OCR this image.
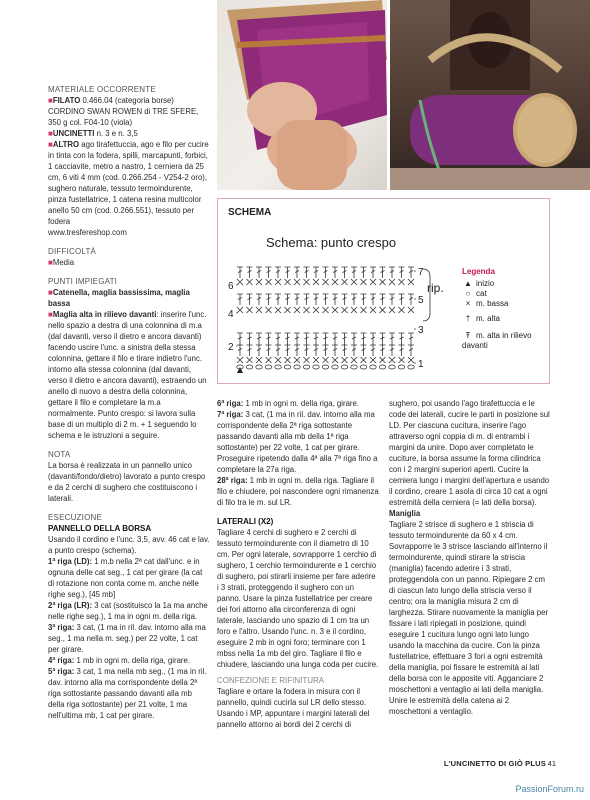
MATERIALE OCCORRENTE
■FILATO 0.466.04 (categoria borse) CORDINO SWAN ROWEN di TRE SFERE, 350 g col. F04-10 (viola)
■UNCINETTI n. 3 e n. 3,5
■ALTRO ago tirafettuccia, ago e filo per cucire in tinta con la fodera, spilli, marcapunti, forbici, 1 cacciavite, metro a nastro, 1 cerniera da 25 cm, 6 viti 4 mm (cod. 0.266.254 - V254-2 oro), sughero naturale, tessuto termoindurente, pinza fustellatrice, 1 catena resina multicolor anello 50 cm (cod. 0.266.551), tessuto per fodera
www.tresfereshop.com
DIFFICOLTÀ
■Media
PUNTI IMPIEGATI
■Catenella, maglia bassissima, maglia bassa
■Maglia alta in rilievo davanti: inserire l'unc. nello spazio a destra di una colonnina di m.a (dal davanti, verso il dietro e ancora davanti) facendo uscire l'unc. a sinistra della stessa colonnina, gettare il filo e tirare indietro l'unc. intorno alla stessa colonnina (dal davanti, verso il dietro e ancora davanti), estraendo un anello di nuovo a destra della colonnina, gettare il filo e completare la m.a normalmente. Punto crespo: si lavora sulla base di un multiplo di 2 m. + 1 seguendo lo schema e le istruzioni a seguire.
NOTA
La borsa è realizzata in un pannello unico (davanti/fondo/dietro) lavorato a punto crespo e da 2 cerchi di sughero che costituiscono i laterali.
ESECUZIONE
PANNELLO DELLA BORSA
Usando il cordino e l'unc. 3,5, avv. 46 cat e lav. a punto crespo (schema).
1ª riga (LD): 1 m.b nella 2ª cat dall'unc. e in ognuna delle cat seg., 1 cat per girare (la cat di rotazione non conta come m. anche nelle righe seg.), [45 mb]
2ª riga (LR): 3 cat (sostituisco la 1a ma anche nelle righe seg.), 1 ma in ogni m. della riga.
3ª riga: 3 cat, (1 ma in ril. dav. intorno alla ma seg., 1 ma nella m. seg.) per 22 volte, 1 cat per girare.
4ª riga: 1 mb in ogni m. della riga, girare.
5ª riga: 3 cat, 1 ma nella mb seg., (1 ma in ril. dav. intorno alla ma corrispondente della 2ª riga sottostante passando davanti alla mb della riga sottostante) per 21 volte, 1 ma nell'ultima mb, 1 cat per girare.
SCHEMA
Schema: punto crespo
1
2
3
4
5
6
7
rip.
Legenda
▲ inizio
○ cat
× m. bassa
† m. alta
Ŧ m. alta in rilievo davanti
6ª riga: 1 mb in ogni m. della riga, girare.
7ª riga: 3 cat, (1 ma in ril. dav. intorno alla ma corrispondente della 2ª riga sottostante passando davanti alla mb della 1ª riga sottostante) per 22 volte, 1 cat per girare. Proseguire ripetendo dalla 4ª alla 7ª riga fino a completare la 27a riga.
28ª riga: 1 mb in ogni m. della riga. Tagliare il filo e chiudere, poi nascondere ogni rimanenza di filo tra le m. sul LR.
LATERALI (X2)
Tagliare 4 cerchi di sughero e 2 cerchi di tessuto termoindurente con il diametro di 10 cm. Per ogni laterale, sovrapporre 1 cerchio di sughero, 1 cerchio termoindurente e 1 cerchio di sughero, poi stirarli insieme per fare aderire i 3 strati, proteggendo il sughero con un panno. Usare la pinza fustellatrice per creare dei fori attorno alla circonferenza di ogni laterale, lasciando uno spazio di 1 cm tra un foro e l'altro. Usando l'unc. n. 3 e il cordino, eseguire 2 mb in ogni foro; terminare con 1 mbss nella 1a mb del giro. Tagliare il filo e chiudere, lasciando una lunga coda per cucire.
CONFEZIONE E RIFINITURA
Tagliare e ortare la fodera in misura con il pannello, quindi cucirla sul LR dello stesso. Usando i MP, appuntare i margini laterali del pannello attorno ai bordi dei 2 cerchi di
sughero, poi usando l'ago tirafettuccia e le code dei laterali, cucire le parti in posizione sul LD. Per ciascuna cucitura, inserire l'ago attraverso ogni coppia di m. di entrambi i margini da unire. Dopo aver completato le cuciture, la borsa assume la forma cilindrica con i 2 margini superiori aperti. Cucire la cerniera lungo i margini dell'apertura e usando il cordino, creare 1 asola di circa 10 cat a ogni estremità della cerniera (= lati della borsa).
Maniglia
Tagliare 2 strisce di sughero e 1 striscia di tessuto termoindurente da 60 x 4 cm. Sovrapporre le 3 strisce lasciando all'interno il termoindurente, quindi stirare la striscia (maniglia) facendo aderire i 3 strati, proteggendola con un panno. Ripiegare 2 cm di ciascun lato lungo della striscia verso il centro; ora la maniglia misura 2 cm di larghezza. Stirare nuovamente la maniglia per fissare i lati ripiegati in posizione, quindi eseguire 1 cucitura lungo ogni lato lungo usando la macchina da cucire. Con la pinza fustellatrice, effettuare 3 fori a ogni estremità della maniglia, poi fissare le estremità ai lati della borsa con le apposite viti. Agganciare 2 moschettoni a ventaglio ai lati della maniglia. Unire le estremità della catena ai 2 moschettoni a ventaglio.
L'UNCINETTO DI GIÒ PLUS 41
PassionForum.ru
